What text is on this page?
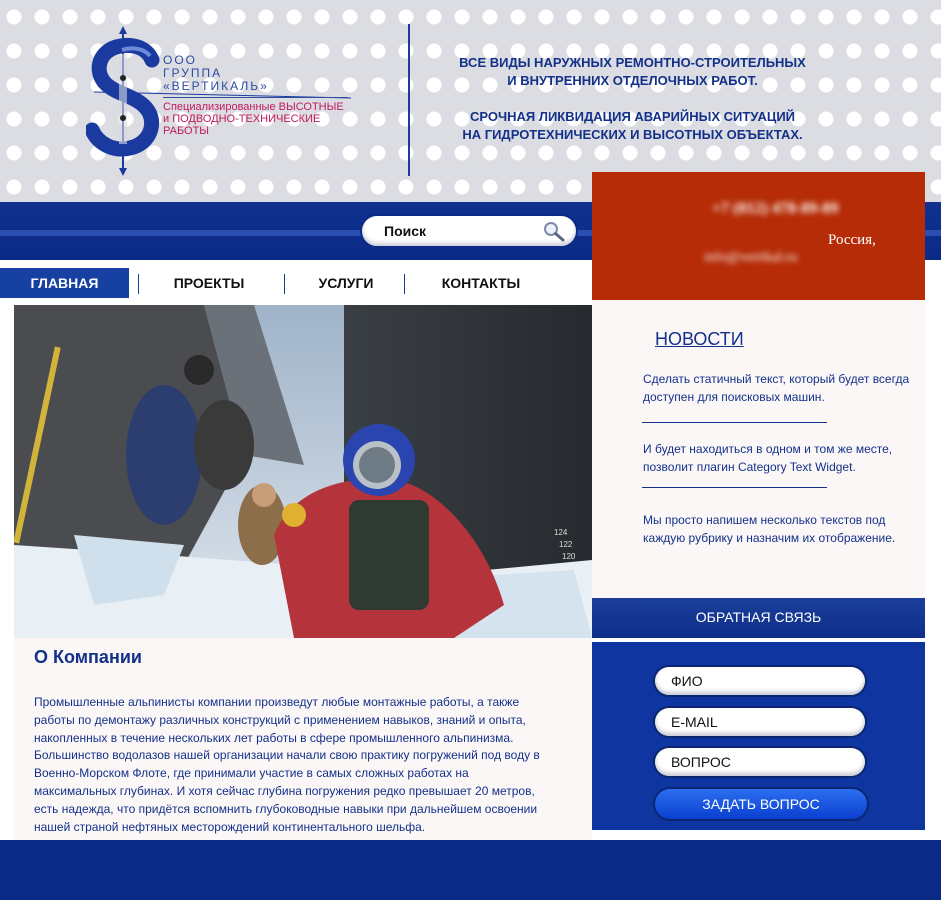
ООО
ГРУППА
«ВЕРТИКАЛЬ»
Специализированные ВЫСОТНЫЕ
и ПОДВОДНО-ТЕХНИЧЕСКИЕ
РАБОТЫ

ВСЕ ВИДЫ НАРУЖНЫХ РЕМОНТНО-СТРОИТЕЛЬНЫХ

И ВНУТРЕННИХ ОТДЕЛОЧНЫХ РАБОТ.

СРОЧНАЯ ЛИКВИДАЦИЯ АВАРИЙНЫХ СИТУАЦИЙ

НА ГИДРОТЕХНИЧЕСКИХ И ВЫСОТНЫХ ОБЪЕКТАХ.

Поиск
+7 (812) 478-89-89
Россия,
info@vertikal.ru
ГЛАВНАЯ	ПРОЕКТЫ	УСЛУГИ	КОНТАКТЫ
124
122
120
О Компании
Промышленные альпинисты компании произведут любые монтажные работы, а также работы по демонтажу различных конструкций с применением навыков, знаний и опыта, накопленных в течение нескольких лет работы в сфере промышленного альпинизма. Большинство водолазов нашей организации начали свою практику погружений под воду в Военно-Морском Флоте, где принимали участие в самых сложных работах на максимальных глубинах. И хотя сейчас глубина погружения редко превышает 20 метров, есть надежда, что придётся вспомнить глубоководные навыки при дальнейшем освоении нашей страной нефтяных месторождений континентального шельфа.
НОВОСТИ
Сделать статичный текст, который будет всегда доступен для поисковых машин.
И будет находиться в одном и том же месте, позволит плагин Category Text Widget.
Мы просто напишем несколько текстов под каждую рубрику и назначим их отображение.
ОБРАТНАЯ СВЯЗЬ
ФИО
E-MAIL
ВОПРОС
ЗАДАТЬ ВОПРОС
